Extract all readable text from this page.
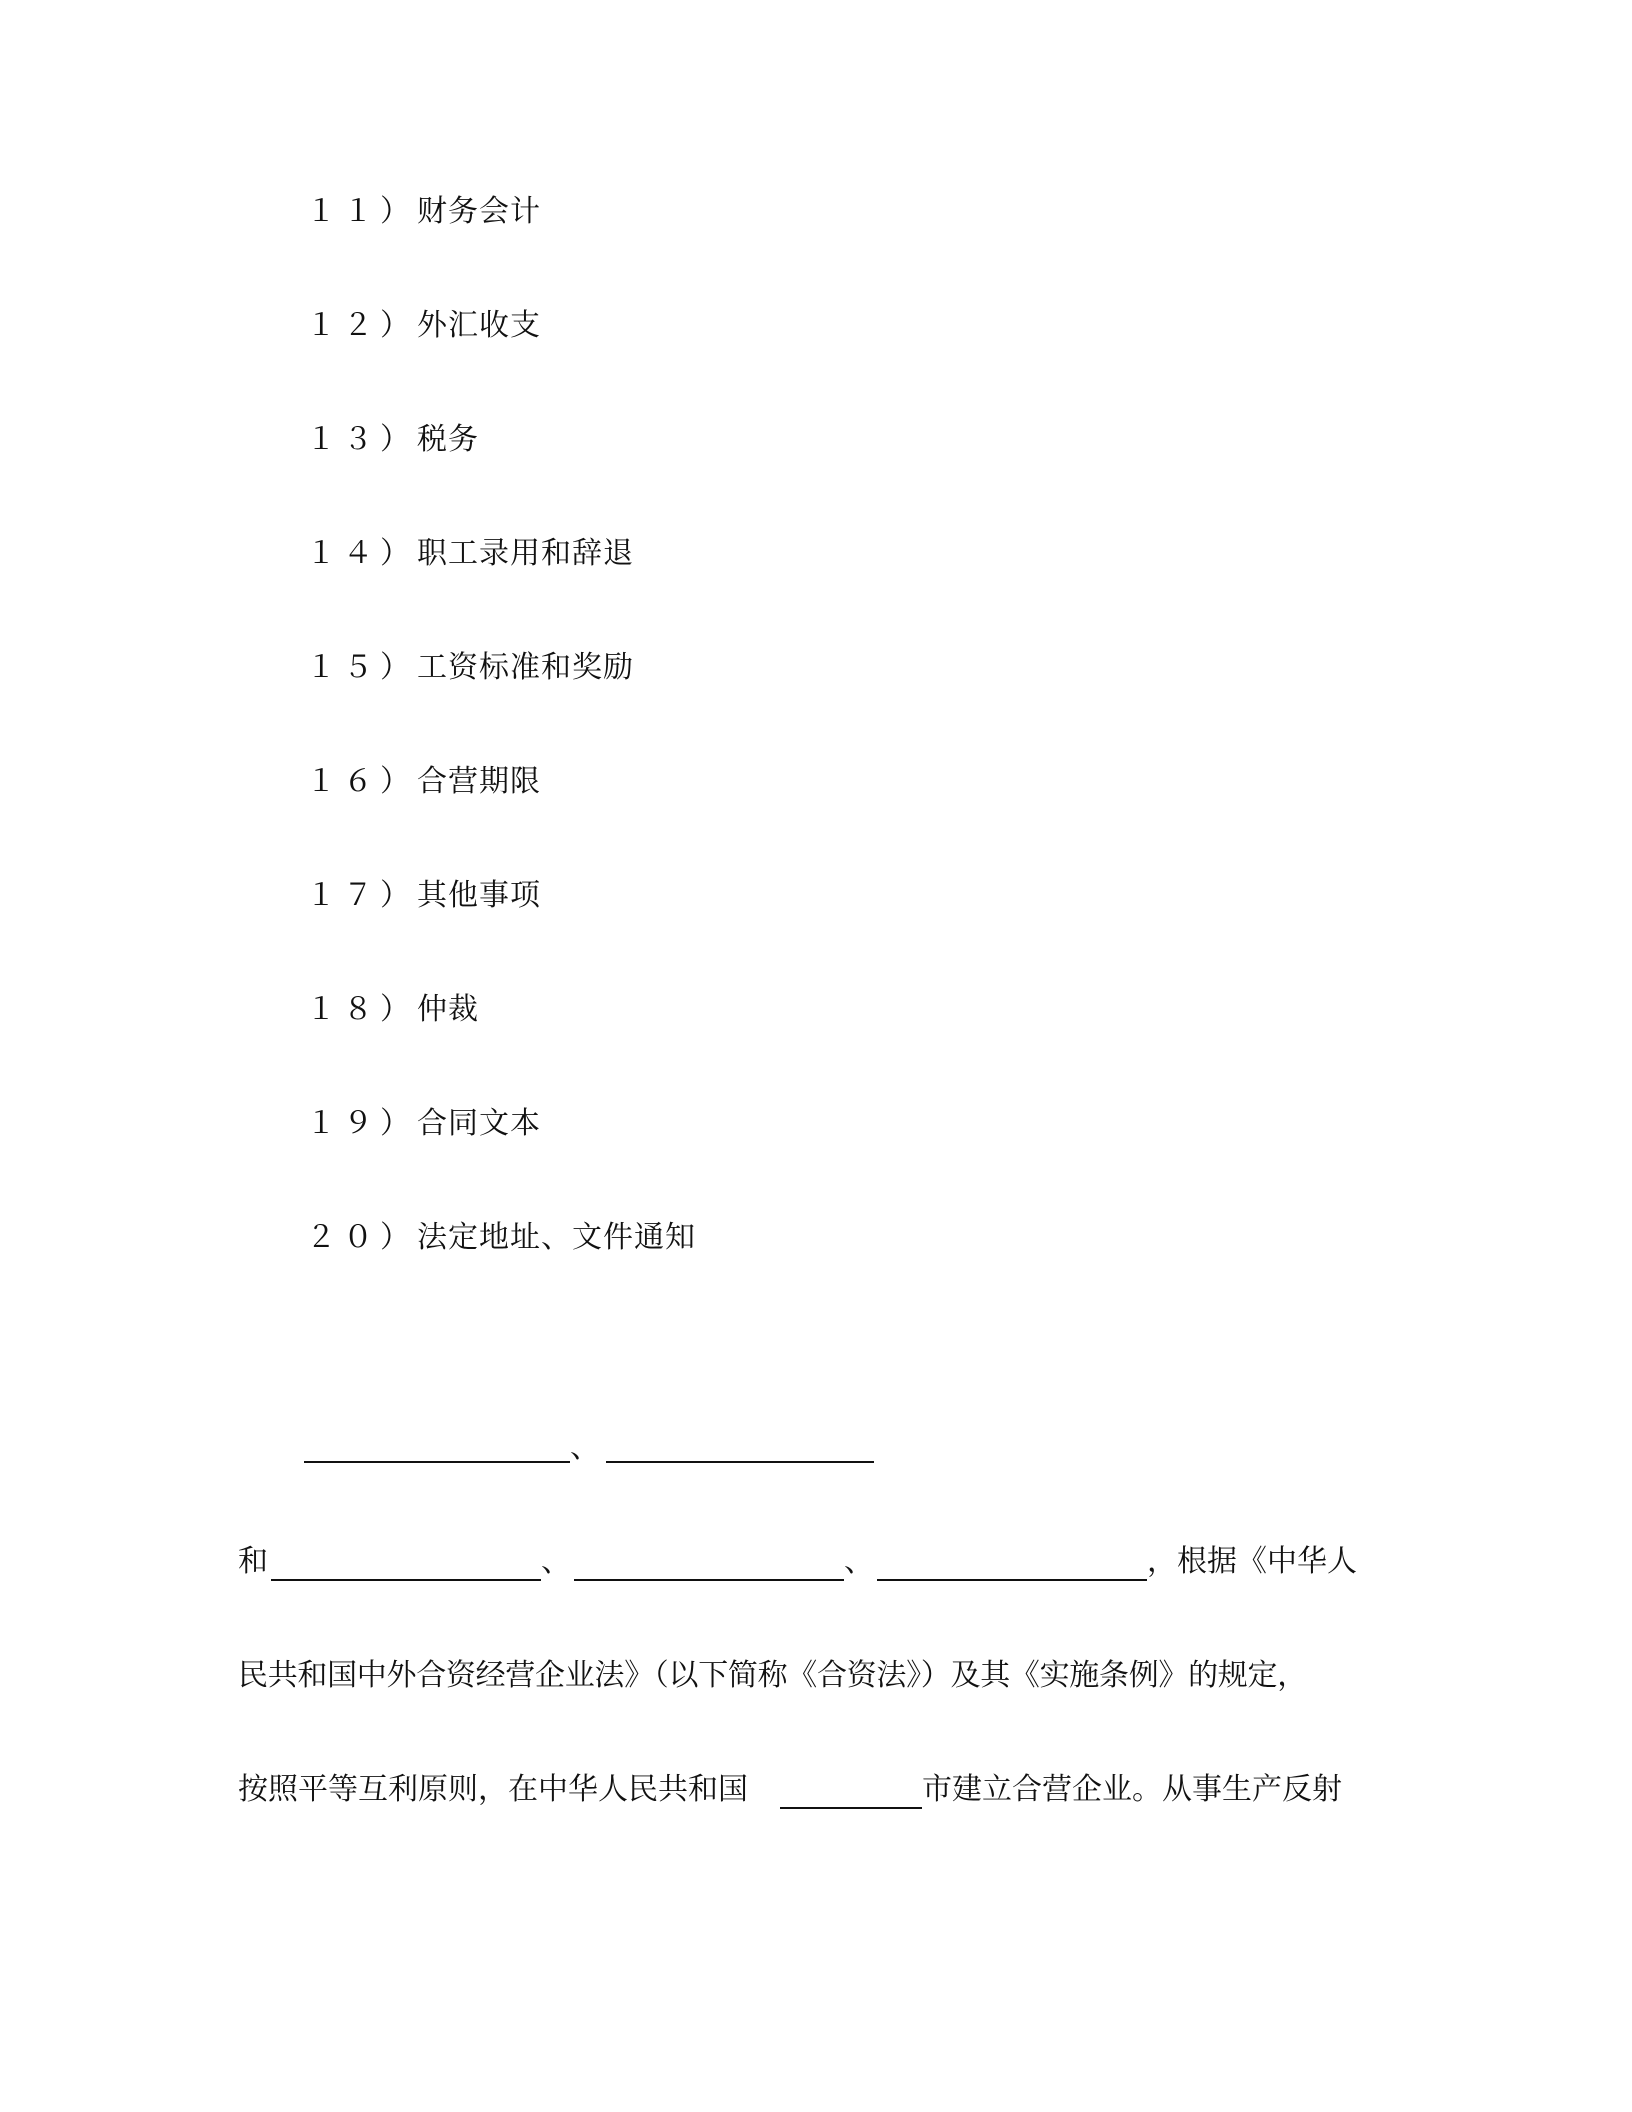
１１）财务会计
１２）外汇收支
１３）税务
１４）职工录用和辞退
１５）工资标准和奖励
１６）合营期限
１７）其他事项
１８）仲裁
１９）合同文本
２０）法定地址、文件通知
、
和	、	、	，根据《中华人
民共和国中外合资经营企业法》（以下简称《合资法》）及其《实施条例》的规定，
按照平等互利原则，在中华人民共和国	市建立合营企业。从事生产反射
